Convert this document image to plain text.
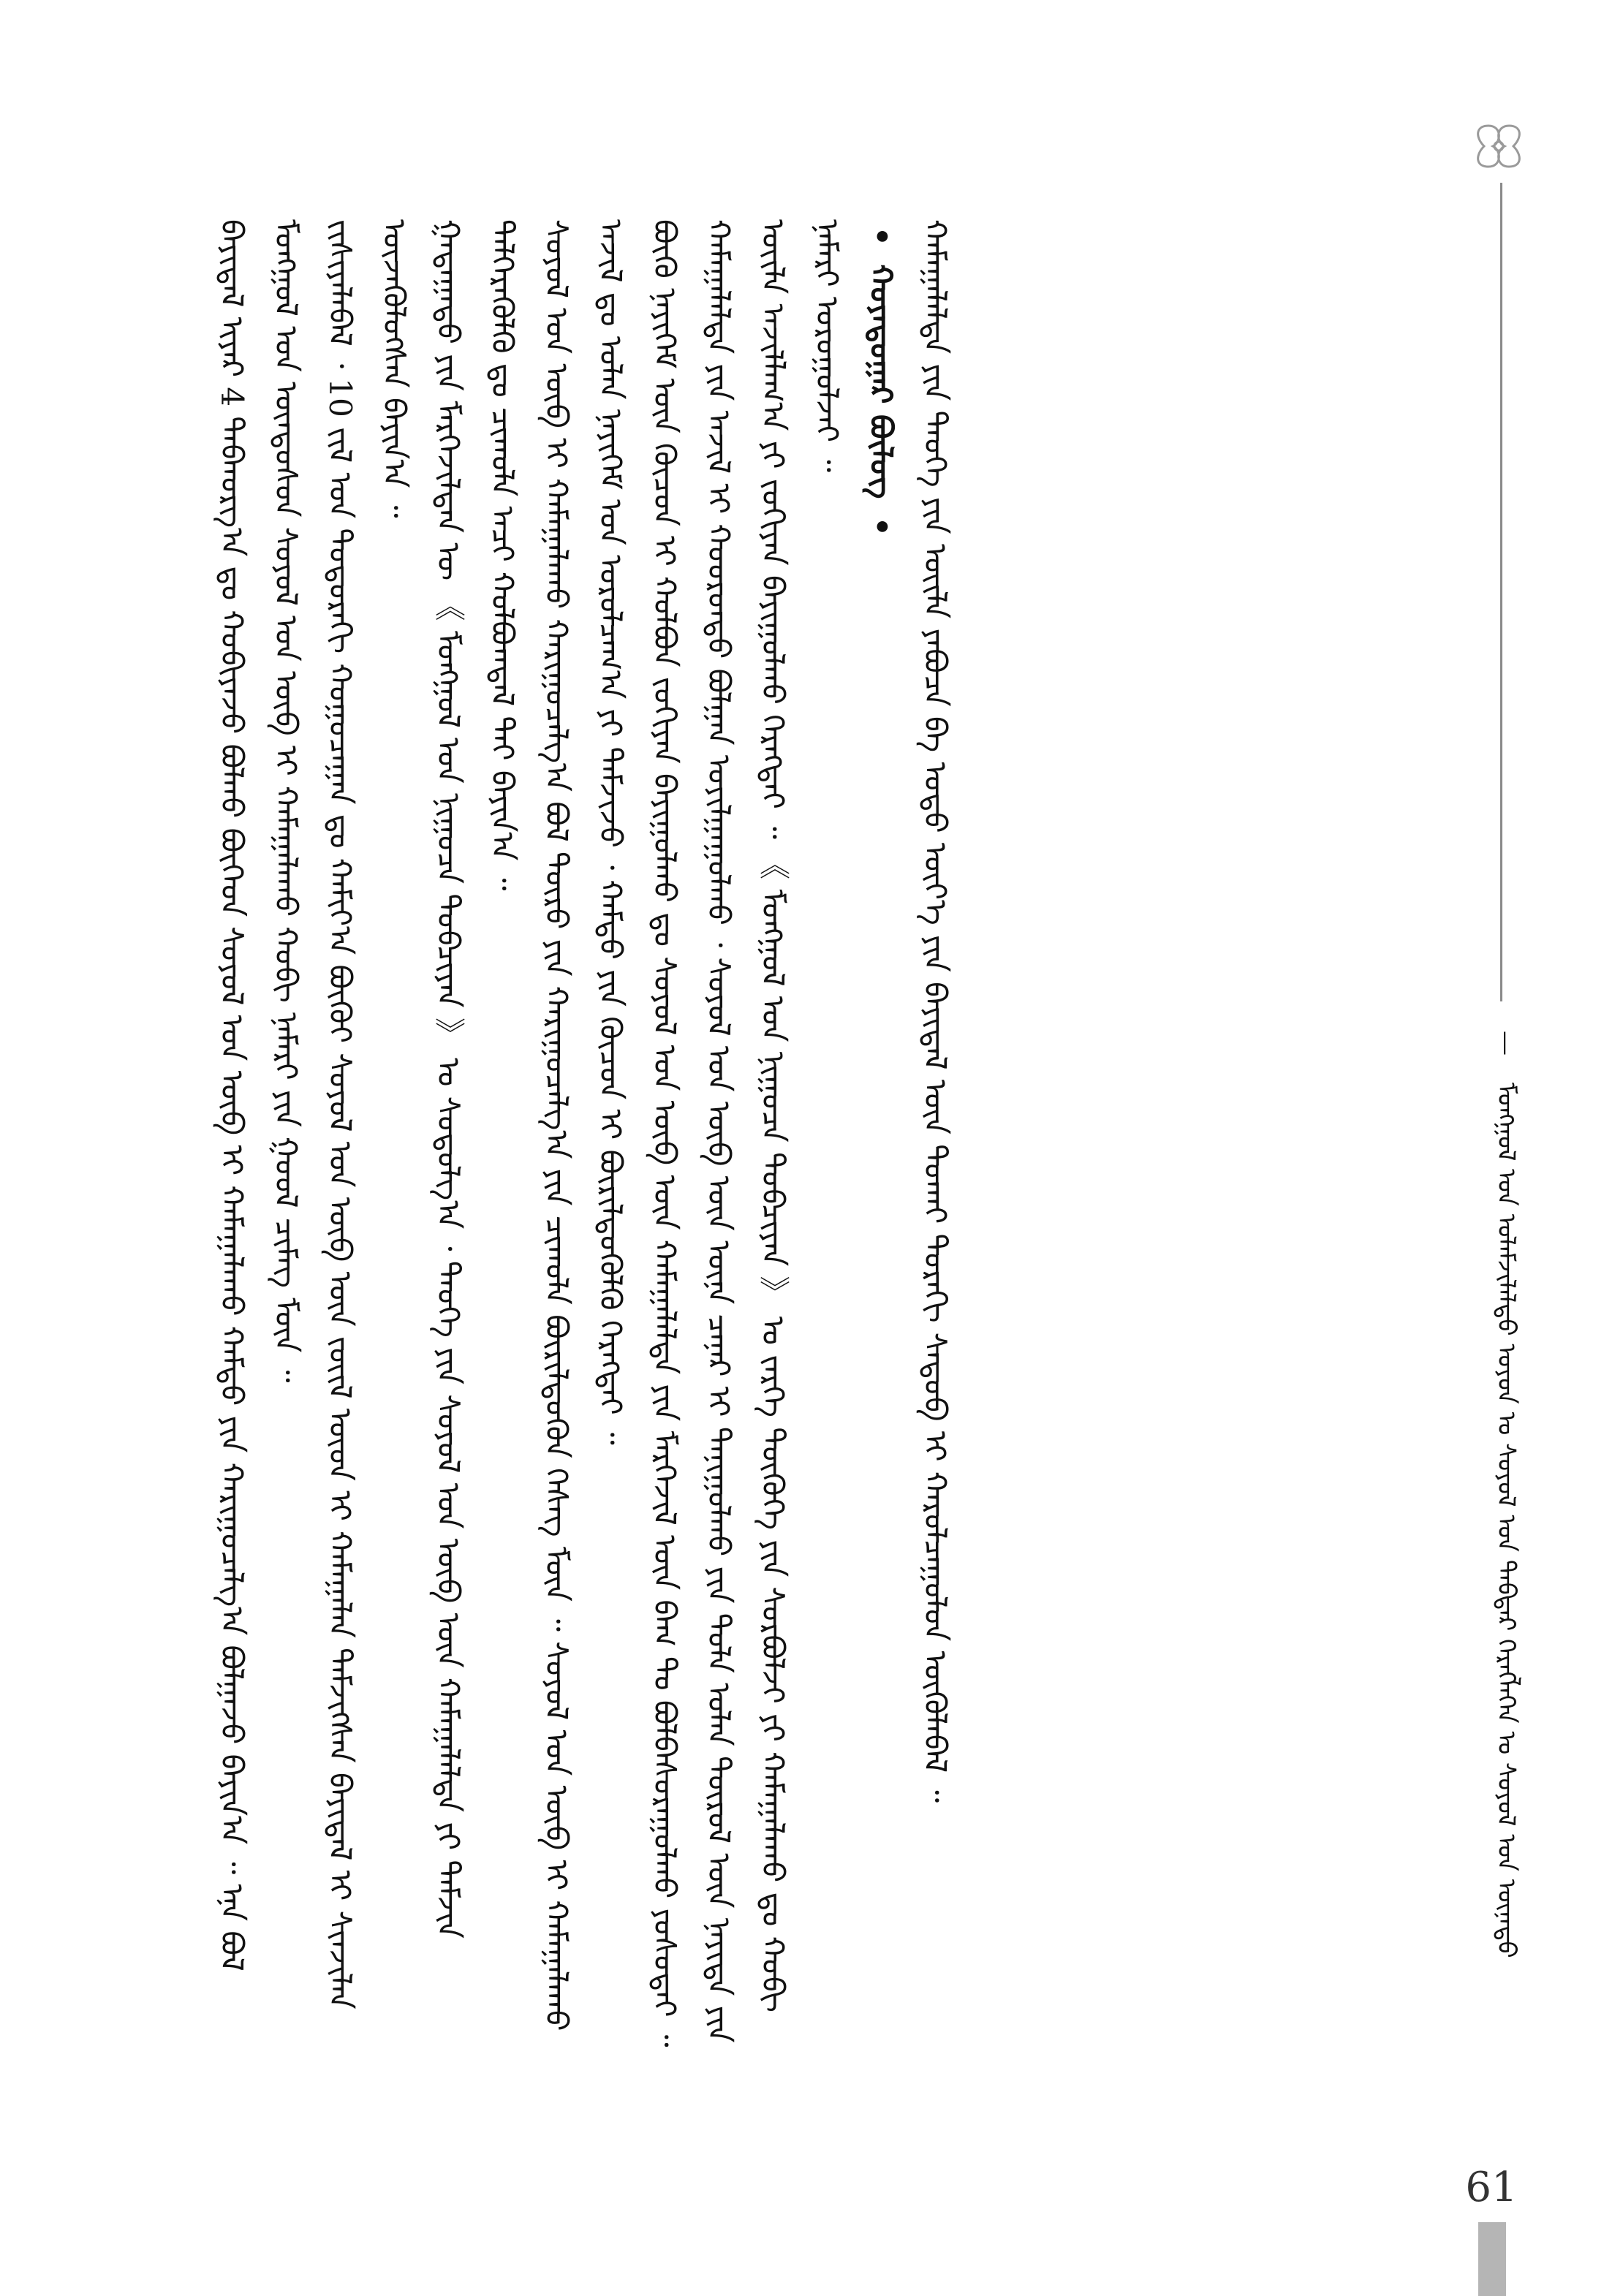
— ᠮᠣᠩᠭᠣᠯ ᠤᠨ ᠤᠯᠠᠮᠵᠢᠯᠠᠯᠲᠤ ᠣᠶᠤᠨ ᠤ ᠰᠣᠶᠣᠯ ᠤᠨ ᠳᠡᠪᠲᠡᠷ ᠬᠡᠷᠡᠭᠯᠡᠭᠡᠨ ᠤ ᠰᠣᠶᠣᠯ ᠤᠨ ᠦᠨᠡᠲᠦ

ᠪᠠᠶᠢᠳᠠᠯ ᠢᠶᠠᠷ 4 ᠳᠠᠪᠬᠤᠷᠭ᠎ᠠ ᠳᠤ ᠬᠤᠪᠢᠶᠠᠵᠤ ᠪᠣᠯᠬᠤ ᠪᠥᠭᠡᠳ ᠰᠣᠶᠣᠯ ᠤᠨ ᠥᠪ ᠢ ᠬᠠᠮᠠᠭᠠᠯᠠᠬᠤ ᠬᠠᠮᠲᠤ ᠶᠢᠨ ᠬᠠᠷᠢᠭᠤᠴᠠᠯᠭ᠎ᠠ ᠪᠣᠯᠭᠠᠵᠤ ᠪᠠᠶᠢᠨ᠎ᠠ ᠃ ᠡᠨᠡ ᠪᠣᠯ ᠮᠣᠩᠭᠣᠯ ᠤᠨ ᠦᠨᠳᠦᠰᠦᠨ ᠰᠣᠶᠣᠯ ᠤᠨ ᠥᠪ ᠢ ᠬᠠᠮᠠᠭᠠᠯᠠᠬᠤ ᠬᠤᠪᠢ ᠨᠡᠮᠡᠷᠢ ᠶᠢᠨ ᠭᠣᠣᠯ ᠴᠢᠮᠡᠭ ᠮᠥᠨ ᠃ ᠵᠢᠱᠢᠶᠡᠯᠡᠪᠡᠯ ᠂ 10 ᠵᠢᠯ ᠤᠨ ᠳᠣᠲᠣᠷᠠᠬᠢ ᠬᠤᠭᠤᠴᠠᠭᠠᠨ ᠳᠤ ᠬᠠᠮᠢᠶ᠎ᠠ ᠪᠦᠬᠦᠢ ᠰᠣᠶᠣᠯ ᠤᠨ ᠥᠪ ᠦᠨ ᠵᠦᠢᠯ ᠦᠳ ᠢ ᠬᠠᠮᠠᠭᠠᠯᠠᠨ ᠳᠡᠮᠵᠢᠭᠰᠡᠨ ᠪᠠᠶᠢᠳᠠᠯ ᠢ ᠰᠢᠨᠵᠢᠯᠡᠨ ᠦᠵᠡᠭᠦᠯᠦᠭᠰᠡᠨ ᠪᠠᠶᠢᠨ᠎ᠠ ᠃ ᠭᠠᠳᠠᠭᠠᠳᠤ ᠶᠢᠨ ᠮᠡᠷᠭᠡᠵᠢᠯᠲᠡᠨ ᠦ 《 ᠮᠣᠩᠭᠣᠯ ᠤᠨ ᠨᠢᠭᠤᠴᠠ ᠲᠣᠪᠴᠢᠶᠠᠨ 》 ᠤ ᠰᠣᠳᠤᠯᠭ᠎ᠠ ᠂ ᠲᠡᠦᠬᠡ ᠶᠢᠨ ᠰᠣᠶᠣᠯ ᠤᠨ ᠥᠪ ᠦᠨ ᠬᠠᠮᠠᠭᠠᠯᠠᠯᠲᠠ ᠶᠢ ᠳᠡᠮᠵᠢᠨ ᠳᠡᠯᠭᠡᠷᠡᠭᠦᠯᠬᠦ ᠳᠤ ᠴᠢᠬᠤᠯᠠ ᠠᠴᠢ ᠬᠣᠯᠪᠣᠭᠳᠠᠯ ᠲᠠᠢ ᠪᠠᠶᠢᠨ᠎ᠠ ᠃ ᠰᠣᠶᠣᠯ ᠤᠨ ᠥᠪ ᠢ ᠬᠠᠮᠠᠭᠠᠯᠠᠬᠤ ᠬᠠᠷᠢᠭᠤᠴᠠᠯᠭ᠎ᠠ ᠪᠣᠯ ᠲᠥᠷᠥ ᠶᠢᠨ ᠬᠠᠷᠢᠭᠤᠴᠠᠯᠭ᠎ᠠ ᠶᠢᠨ ᠴᠢᠬᠤᠯᠠ ᠪᠦᠷᠢᠯᠳᠦᠬᠦᠨ ᠬᠡᠰᠡᠭ ᠮᠥᠨ ᠃ ᠰᠣᠶᠣᠯ ᠤᠨ ᠥᠪ ᠢ ᠬᠠᠮᠠᠭᠠᠯᠠᠬᠤ ᠠᠵᠢᠯ ᠳᠤ ᠣᠯᠠᠨ ᠨᠡᠶᠢᠭᠡᠮ ᠤᠨ ᠣᠷᠣᠯᠴᠠᠭ᠎ᠠ ᠶᠢ ᠳᠡᠮᠵᠢᠵᠦ ᠂ ᠬᠠᠮᠲᠤ ᠶᠢᠨ ᠬᠦᠴᠦᠨ ᠢ ᠪᠦᠷᠢᠯᠳᠦᠭᠦᠯᠬᠦ ᠬᠡᠷᠡᠭᠲᠡᠢ ᠃ ᠪᠦᠬᠦ ᠨᠡᠶᠢᠭᠡᠮ ᠦᠨ ᠬᠦᠴᠦᠨ ᠢ ᠬᠣᠯᠪᠣᠨ ᠵᠣᠬᠢᠶᠠᠨ ᠪᠠᠶᠢᠭᠤᠯᠬᠤ ᠳᠤ ᠰᠣᠶᠣᠯ ᠤᠨ ᠥᠪ ᠦᠨ ᠬᠠᠮᠠᠭᠠᠯᠠᠯᠲᠠ ᠶᠢᠨ ᠮᠡᠷᠭᠡᠵᠢᠯ ᠦᠨ ᠪᠠᠭ ᠲᠤ ᠪᠣᠯᠪᠠᠰᠤᠷᠠᠭᠤᠯᠬᠤ ᠶᠤᠰᠤᠲᠠᠢ ᠃ ᠬᠠᠮᠠᠭᠠᠯᠠᠯᠲᠠ ᠶᠢᠨ ᠠᠵᠢᠯ ᠢ ᠬᠣᠣᠷᠣᠨᠳᠣ ᠪᠣᠯᠭᠠᠨ ᠣᠶᠢᠯᠭᠠᠭᠤᠯᠬᠤ ᠂ ᠰᠣᠶᠣᠯ ᠤᠨ ᠥᠪ ᠦᠨ ᠦᠨᠡ ᠴᠡᠨᠡᠷ ᠢ ᠲᠠᠨᠢᠭᠤᠯᠬᠤ ᠶᠢᠨ ᠲᠤᠯᠠ ᠣᠯᠠᠨ ᠲᠥᠷᠥᠯ ᠦᠨ ᠨᠡᠶᠢᠲᠡ ᠶᠢᠨ ᠦᠢᠯᠡ ᠠᠵᠢᠯᠯᠠᠭ᠎ᠠ ᠶᠢ ᠵᠣᠬᠢᠶᠠᠨ ᠪᠠᠶᠢᠭᠤᠯᠬᠤ ᠬᠡᠷᠡᠭᠲᠡᠢ ᠃ 《 ᠮᠣᠩᠭᠣᠯ ᠤᠨ ᠨᠢᠭᠤᠴᠠ ᠲᠣᠪᠴᠢᠶᠠᠨ 》 ᠤ ᠵᠡᠷᠭᠡ ᠲᠦᠭᠦᠬᠡ ᠶᠢᠨ ᠰᠤᠷᠪᠤᠯᠵᠢ ᠶᠢ ᠬᠠᠮᠠᠭᠠᠯᠠᠬᠤ ᠳᠤ ᠬᠤᠪᠢ ᠨᠡᠮᠡᠷᠢ ᠣᠷᠣᠭᠤᠯᠵᠠᠢ ᠃ • ᠬᠣᠶᠠᠳᠤᠭᠠᠷ ᠪᠦᠯᠦᠭ • ᠬᠠᠮᠠᠭᠠᠯᠠᠯᠲᠠ ᠶᠢᠨ ᠲᠡᠦᠬᠡ ᠶᠢᠨ ᠦᠢᠯᠡ ᠶᠠᠪᠤᠴᠠ ᠪᠠ ᠣᠳᠣ ᠦᠶ᠎ᠡ ᠶᠢᠨ ᠪᠠᠶᠢᠳᠠᠯ ᠦᠨ ᠲᠤᠬᠠᠢ ᠳᠣᠷᠠᠬᠢ ᠰᠡᠳᠦᠪ ᠢ ᠬᠠᠷᠤᠯᠴᠠᠭᠤᠯᠤᠨ ᠥᠭᠦᠯᠡᠪᠡᠯ ᠃

61
